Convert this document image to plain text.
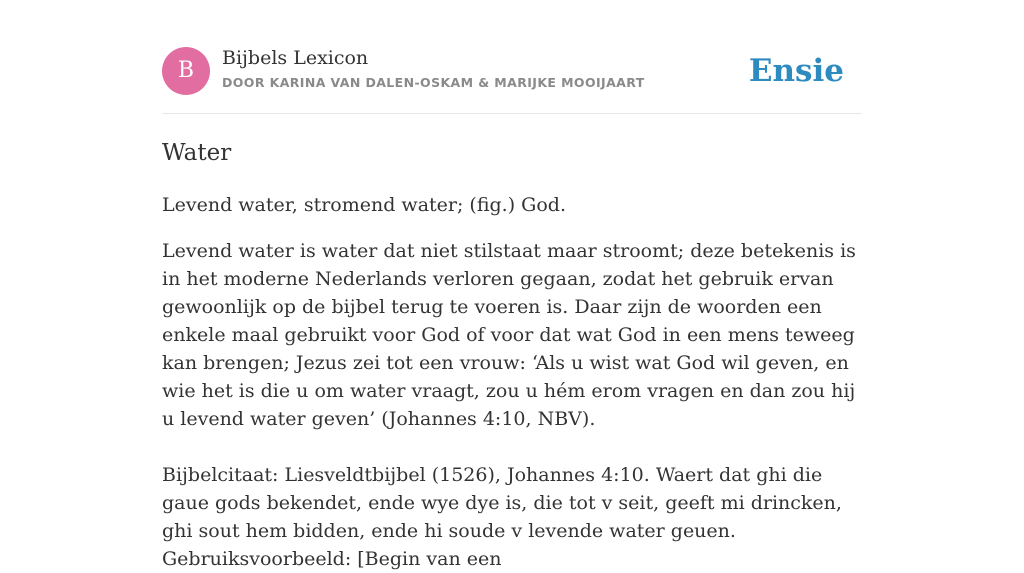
B	Bijbels Lexicon
DOOR KARINA VAN DALEN-OSKAM & MARIJKE MOOIJAART	Ensie
Water

Levend water, stromend water; (fig.) God.

Levend water is water dat niet stilstaat maar stroomt; deze betekenis is in het moderne Nederlands verloren gegaan, zodat het gebruik ervan gewoonlijk op de bijbel terug te voeren is. Daar zijn de woorden een enkele maal gebruikt voor God of voor dat wat God in een mens teweeg kan brengen; Jezus zei tot een vrouw: ‘Als u wist wat God wil geven, en wie het is die u om water vraagt, zou u hém erom vragen en dan zou hij u levend water geven’ (Johannes 4:10, NBV).

Bijbelcitaat: Liesveldtbijbel (1526), Johannes 4:10. Waert dat ghi die gaue gods bekendet, ende wye dye is, die tot v seit, geeft mi drincken, ghi sout hem bidden, ende hi soude v levende water geuen. Gebruiksvoorbeeld: [Begin van een
